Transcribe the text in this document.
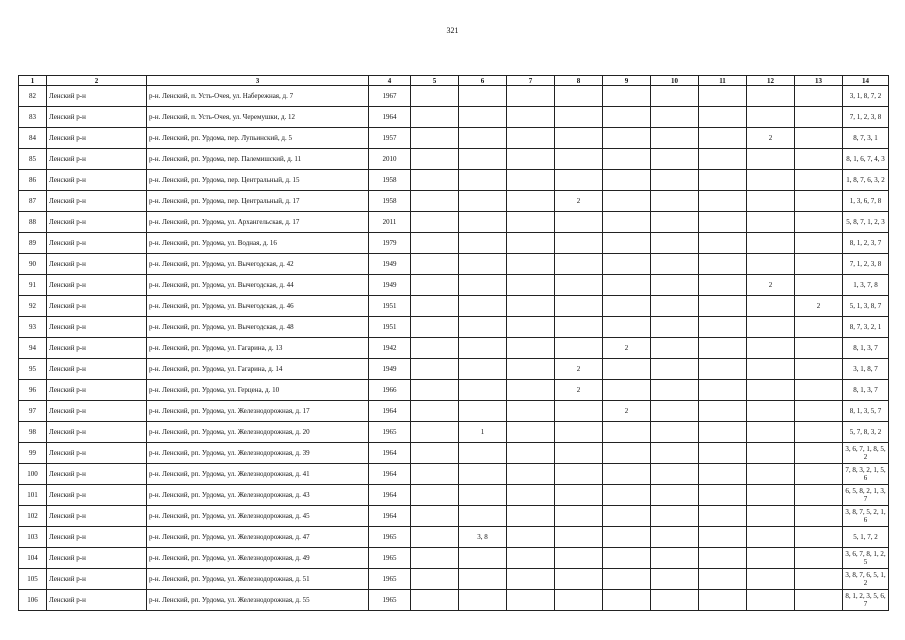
321
1	2	3	4	5	6	7	8	9	10	11	12	13	14
82	Ленский р-н	р-н. Ленский, п. Усть-Очея, ул. Набережная, д. 7	1967										3, 1, 8, 7, 2
83	Ленский р-н	р-н. Ленский, п. Усть-Очея, ул. Черемушки, д. 12	1964										7, 1, 2, 3, 8
84	Ленский р-н	р-н. Ленский, рп. Урдома, пер. Лупьинский, д. 5	1957								2		8, 7, 3, 1
85	Ленский р-н	р-н. Ленский, рп. Урдома, пер. Палемишский, д. 11	2010										8, 1, 6, 7, 4, 3
86	Ленский р-н	р-н. Ленский, рп. Урдома, пер. Центральный, д. 15	1958										1, 8, 7, 6, 3, 2
87	Ленский р-н	р-н. Ленский, рп. Урдома, пер. Центральный, д. 17	1958				2						1, 3, 6, 7, 8
88	Ленский р-н	р-н. Ленский, рп. Урдома, ул. Архангельская, д. 17	2011										5, 8, 7, 1, 2, 3
89	Ленский р-н	р-н. Ленский, рп. Урдома, ул. Водная, д. 16	1979										8, 1, 2, 3, 7
90	Ленский р-н	р-н. Ленский, рп. Урдома, ул. Вычегодская, д. 42	1949										7, 1, 2, 3, 8
91	Ленский р-н	р-н. Ленский, рп. Урдома, ул. Вычегодская, д. 44	1949								2		1, 3, 7, 8
92	Ленский р-н	р-н. Ленский, рп. Урдома, ул. Вычегодская, д. 46	1951									2	5, 1, 3, 8, 7
93	Ленский р-н	р-н. Ленский, рп. Урдома, ул. Вычегодская, д. 48	1951										8, 7, 3, 2, 1
94	Ленский р-н	р-н. Ленский, рп. Урдома, ул. Гагарина, д. 13	1942					2					8, 1, 3, 7
95	Ленский р-н	р-н. Ленский, рп. Урдома, ул. Гагарина, д. 14	1949				2						3, 1, 8, 7
96	Ленский р-н	р-н. Ленский, рп. Урдома, ул. Герцена, д. 10	1966				2						8, 1, 3, 7
97	Ленский р-н	р-н. Ленский, рп. Урдома, ул. Железнодорожная, д. 17	1964					2					8, 1, 3, 5, 7
98	Ленский р-н	р-н. Ленский, рп. Урдома, ул. Железнодорожная, д. 20	1965		1								5, 7, 8, 3, 2
99	Ленский р-н	р-н. Ленский, рп. Урдома, ул. Железнодорожная, д. 39	1964										3, 6, 7, 1, 8, 5, 2
100	Ленский р-н	р-н. Ленский, рп. Урдома, ул. Железнодорожная, д. 41	1964										7, 8, 3, 2, 1, 5, 6
101	Ленский р-н	р-н. Ленский, рп. Урдома, ул. Железнодорожная, д. 43	1964										6, 5, 8, 2, 1, 3, 7
102	Ленский р-н	р-н. Ленский, рп. Урдома, ул. Железнодорожная, д. 45	1964										3, 8, 7, 5, 2, 1, 6
103	Ленский р-н	р-н. Ленский, рп. Урдома, ул. Железнодорожная, д. 47	1965		3, 8								5, 1, 7, 2
104	Ленский р-н	р-н. Ленский, рп. Урдома, ул. Железнодорожная, д. 49	1965										3, 6, 7, 8, 1, 2, 5
105	Ленский р-н	р-н. Ленский, рп. Урдома, ул. Железнодорожная, д. 51	1965										3, 8, 7, 6, 5, 1, 2
106	Ленский р-н	р-н. Ленский, рп. Урдома, ул. Железнодорожная, д. 55	1965										8, 1, 2, 3, 5, 6, 7
